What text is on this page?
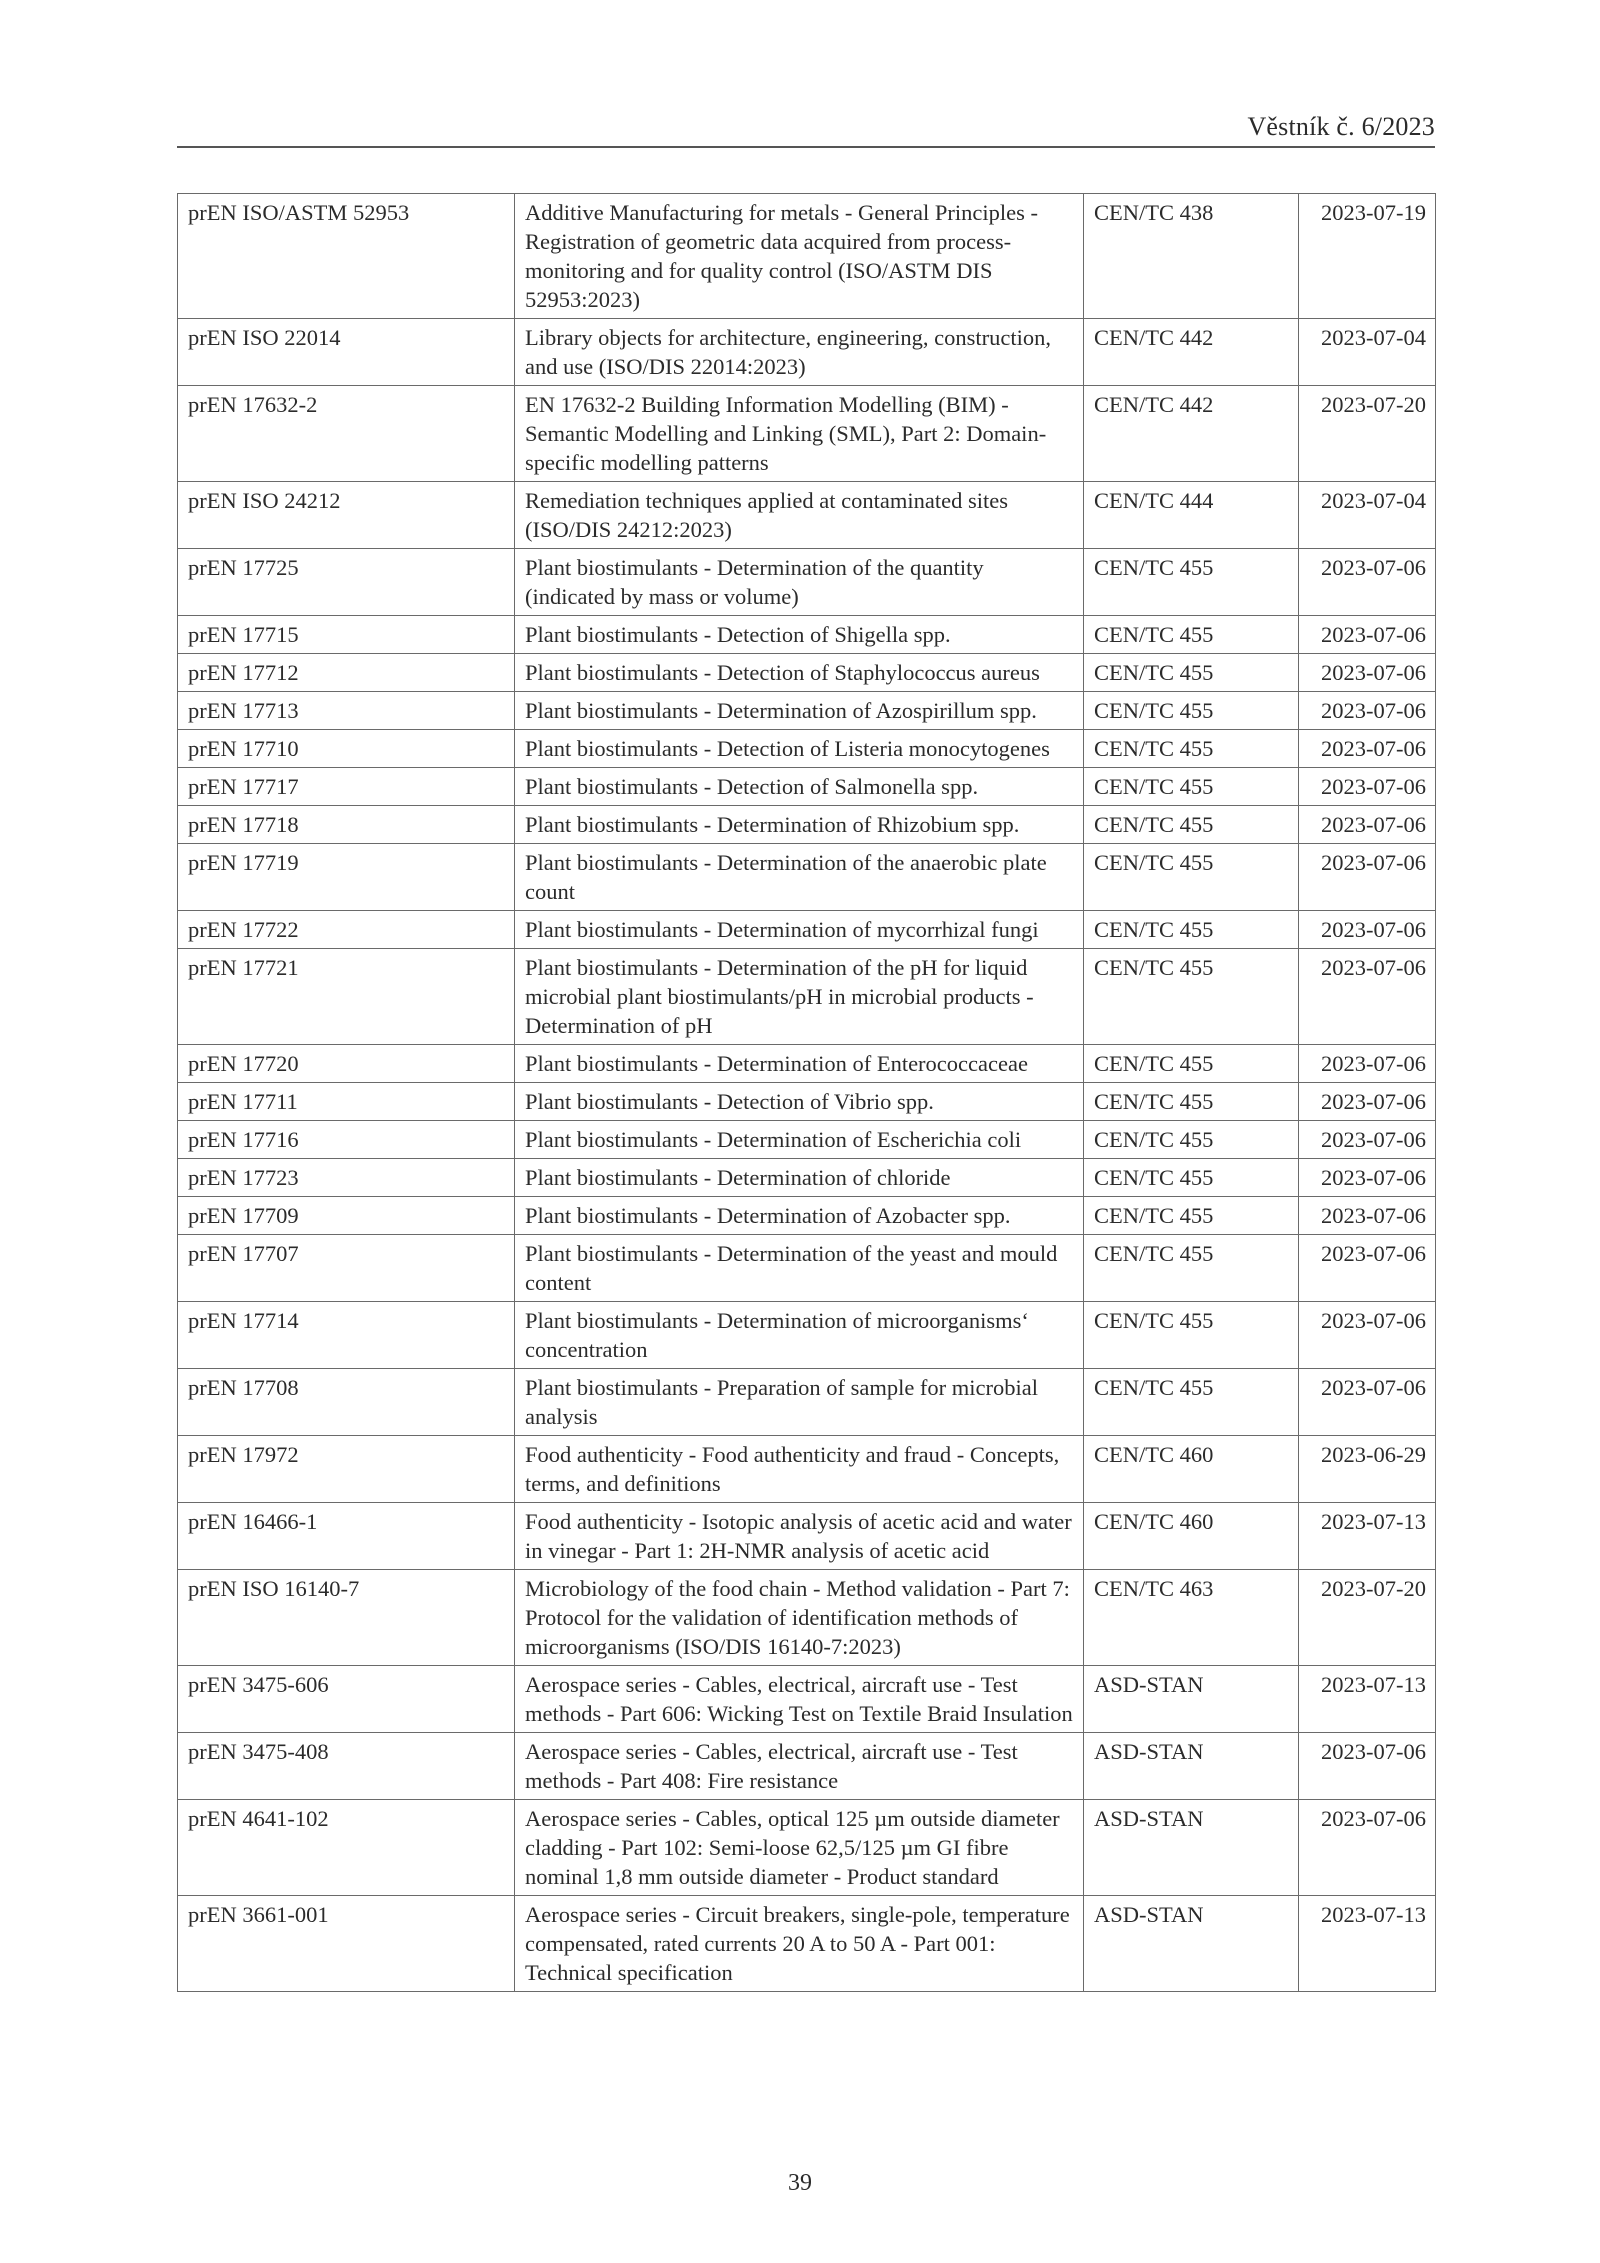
Věstník č. 6/2023
prEN ISO/ASTM 52953	Additive Manufacturing for metals - General Principles - Registration of geometric data acquired from process-monitoring and for quality control (ISO/ASTM DIS 52953:2023)	CEN/TC 438	2023-07-19
prEN ISO 22014	Library objects for architecture, engineering, construction, and use (ISO/DIS 22014:2023)	CEN/TC 442	2023-07-04
prEN 17632-2	EN 17632-2 Building Information Modelling (BIM) - Semantic Modelling and Linking (SML), Part 2: Domain-specific modelling patterns	CEN/TC 442	2023-07-20
prEN ISO 24212	Remediation techniques applied at contaminated sites (ISO/DIS 24212:2023)	CEN/TC 444	2023-07-04
prEN 17725	Plant biostimulants - Determination of the quantity (indicated by mass or volume)	CEN/TC 455	2023-07-06
prEN 17715	Plant biostimulants - Detection of Shigella spp.	CEN/TC 455	2023-07-06
prEN 17712	Plant biostimulants - Detection of Staphylococcus aureus	CEN/TC 455	2023-07-06
prEN 17713	Plant biostimulants - Determination of Azospirillum spp.	CEN/TC 455	2023-07-06
prEN 17710	Plant biostimulants - Detection of Listeria monocytogenes	CEN/TC 455	2023-07-06
prEN 17717	Plant biostimulants - Detection of Salmonella spp.	CEN/TC 455	2023-07-06
prEN 17718	Plant biostimulants - Determination of Rhizobium spp.	CEN/TC 455	2023-07-06
prEN 17719	Plant biostimulants - Determination of the anaerobic plate count	CEN/TC 455	2023-07-06
prEN 17722	Plant biostimulants - Determination of mycorrhizal fungi	CEN/TC 455	2023-07-06
prEN 17721	Plant biostimulants - Determination of the pH for liquid microbial plant biostimulants/pH in microbial products - Determination of pH	CEN/TC 455	2023-07-06
prEN 17720	Plant biostimulants - Determination of Enterococcaceae	CEN/TC 455	2023-07-06
prEN 17711	Plant biostimulants - Detection of Vibrio spp.	CEN/TC 455	2023-07-06
prEN 17716	Plant biostimulants - Determination of Escherichia coli	CEN/TC 455	2023-07-06
prEN 17723	Plant biostimulants - Determination of chloride	CEN/TC 455	2023-07-06
prEN 17709	Plant biostimulants - Determination of Azobacter spp.	CEN/TC 455	2023-07-06
prEN 17707	Plant biostimulants - Determination of the yeast and mould content	CEN/TC 455	2023-07-06
prEN 17714	Plant biostimulants - Determination of microorganisms‘ concentration	CEN/TC 455	2023-07-06
prEN 17708	Plant biostimulants - Preparation of sample for microbial analysis	CEN/TC 455	2023-07-06
prEN 17972	Food authenticity - Food authenticity and fraud - Concepts, terms, and definitions	CEN/TC 460	2023-06-29
prEN 16466-1	Food authenticity - Isotopic analysis of acetic acid and water in vinegar - Part 1: 2H-NMR analysis of acetic acid	CEN/TC 460	2023-07-13
prEN ISO 16140-7	Microbiology of the food chain - Method validation - Part 7: Protocol for the validation of identification methods of microorganisms (ISO/DIS 16140-7:2023)	CEN/TC 463	2023-07-20
prEN 3475-606	Aerospace series - Cables, electrical, aircraft use - Test methods - Part 606: Wicking Test on Textile Braid Insulation	ASD-STAN	2023-07-13
prEN 3475-408	Aerospace series - Cables, electrical, aircraft use - Test methods - Part 408: Fire resistance	ASD-STAN	2023-07-06
prEN 4641-102	Aerospace series - Cables, optical 125 µm outside diameter cladding - Part 102: Semi-loose 62,5/125 µm GI fibre nominal 1,8 mm outside diameter - Product standard	ASD-STAN	2023-07-06
prEN 3661-001	Aerospace series - Circuit breakers, single-pole, temperature compensated, rated currents 20 A to 50 A - Part 001: Technical specification	ASD-STAN	2023-07-13
39
